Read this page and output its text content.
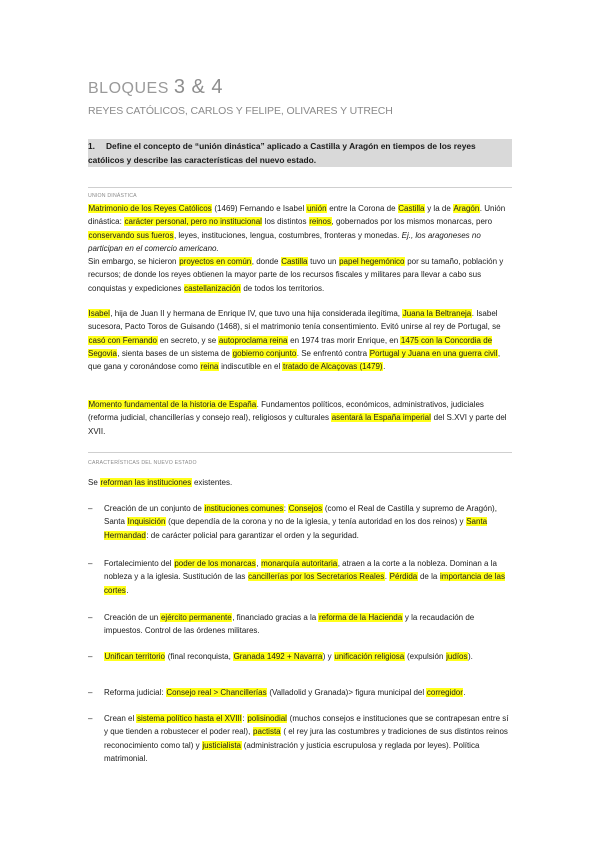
BLOQUES 3 & 4
REYES CATÓLICOS, CARLOS Y FELIPE, OLIVARES Y UTRECH
1. Define el concepto de “unión dinástica” aplicado a Castilla y Aragón en tiempos de los reyes católicos y describe las características del nuevo estado.
UNION DINÁSTICA
Matrimonio de los Reyes Católicos (1469) Fernando e Isabel unión entre la Corona de Castilla y la de Aragón. Unión dinástica: carácter personal, pero no institucional los distintos reinos, gobernados por los mismos monarcas, pero conservando sus fueros, leyes, instituciones, lengua, costumbres, fronteras y monedas. Ej., los aragoneses no participan en el comercio americano.
Sin embargo, se hicieron proyectos en común, donde Castilla tuvo un papel hegemónico por su tamaño, población y recursos; de donde los reyes obtienen la mayor parte de los recursos fiscales y militares para llevar a cabo sus conquistas y expediciones castellanización de todos los territorios.
Isabel, hija de Juan II y hermana de Enrique IV, que tuvo una hija considerada ilegítima, Juana la Beltraneja. Isabel sucesora, Pacto Toros de Guisando (1468), si el matrimonio tenía consentimiento. Evitó unirse al rey de Portugal, se casó con Fernando en secreto, y se autoproclama reina en 1974 tras morir Enrique, en 1475 con la Concordia de Segovia, sienta bases de un sistema de gobierno conjunto. Se enfrentó contra Portugal y Juana en una guerra civil, que gana y coronándose como reina indiscutible en el tratado de Alcaçovas (1479).
Momento fundamental de la historia de España. Fundamentos políticos, económicos, administrativos, judiciales (reforma judicial, chancillerías y consejo real), religiosos y culturales asentará la España imperial del S.XVI y parte del XVII.
CARACTERÍSTICAS DEL NUEVO ESTADO
Se reforman las instituciones existentes.
–	Creación de un conjunto de instituciones comunes: Consejos (como el Real de Castilla y supremo de Aragón), Santa Inquisición (que dependía de la corona y no de la iglesia, y tenía autoridad en los dos reinos) y Santa Hermandad: de carácter policial para garantizar el orden y la seguridad.
–	Fortalecimiento del poder de los monarcas, monarquía autoritaria, atraen a la corte a la nobleza. Dominan a la nobleza y a la iglesia. Sustitución de las cancillerías por los Secretarios Reales. Pérdida de la importancia de las cortes.
–	Creación de un ejército permanente, financiado gracias a la reforma de la Hacienda y la recaudación de impuestos. Control de las órdenes militares.
–	Unifican territorio (final reconquista, Granada 1492 + Navarra) y unificación religiosa (expulsión judíos).
–	Reforma judicial: Consejo real > Chancillerías (Valladolid y Granada)> figura municipal del corregidor.
–	Crean el sistema político hasta el XVIII: polisinodial (muchos consejos e instituciones que se contrapesan entre sí y que tienden a robustecer el poder real), pactista ( el rey jura las costumbres y tradiciones de sus distintos reinos reconocimiento como tal) y justicialista (administración y justicia escrupulosa y reglada por leyes). Política matrimonial.
